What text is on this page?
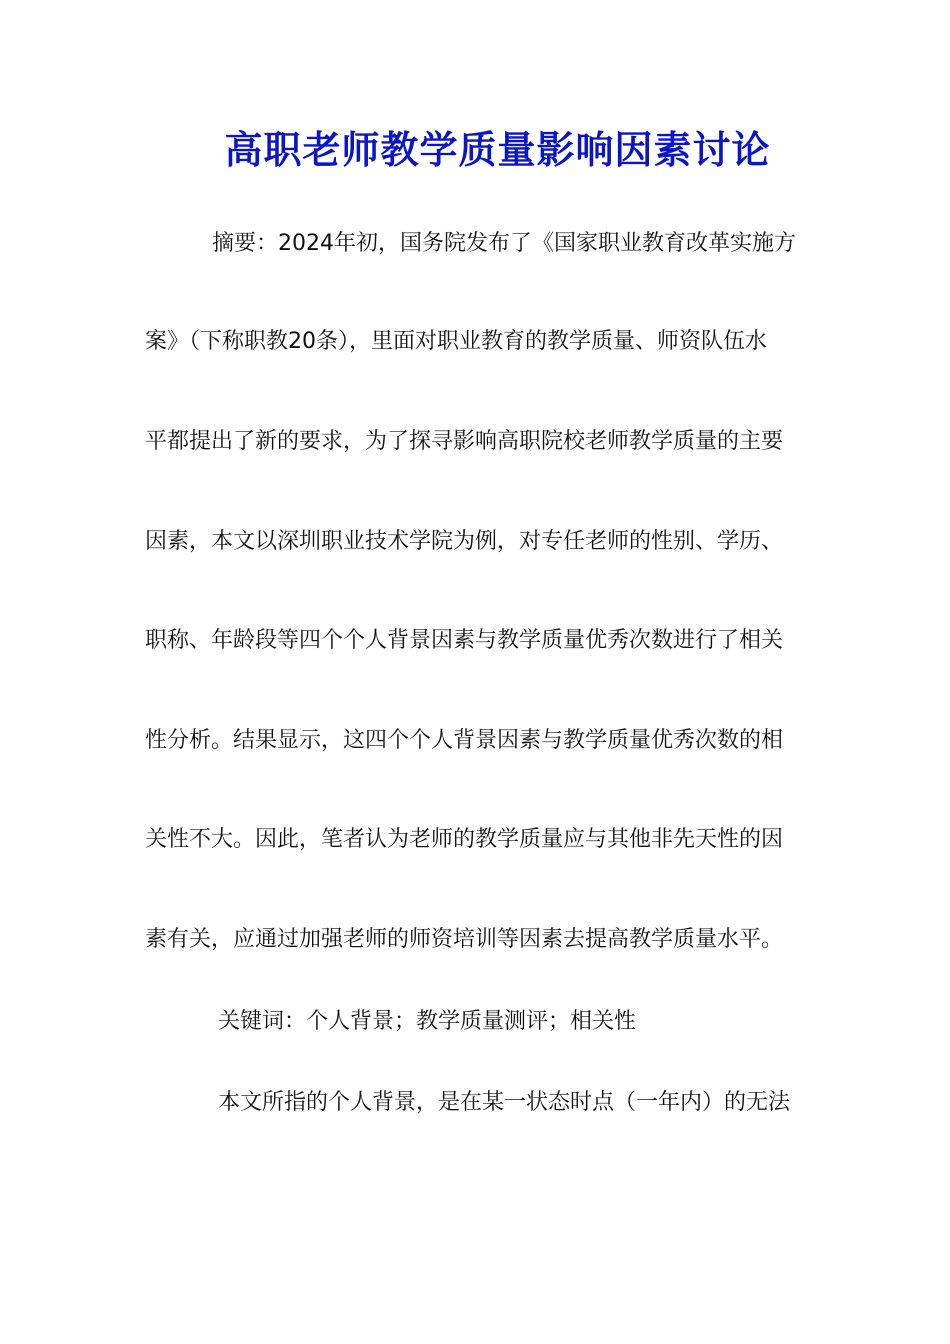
高职老师教学质量影响因素讨论

摘要：2024年初，国务院发布了《国家职业教育改革实施方

案》（下称职教20条），里面对职业教育的教学质量、师资队伍水

平都提出了新的要求，为了探寻影响高职院校老师教学质量的主要

因素，本文以深圳职业技术学院为例，对专任老师的性别、学历、

职称、年龄段等四个个人背景因素与教学质量优秀次数进行了相关

性分析。结果显示，这四个个人背景因素与教学质量优秀次数的相

关性不大。因此，笔者认为老师的教学质量应与其他非先天性的因

素有关，应通过加强老师的师资培训等因素去提高教学质量水平。

关键词：个人背景；教学质量测评；相关性

本文所指的个人背景，是在某一状态时点（一年内）的无法
